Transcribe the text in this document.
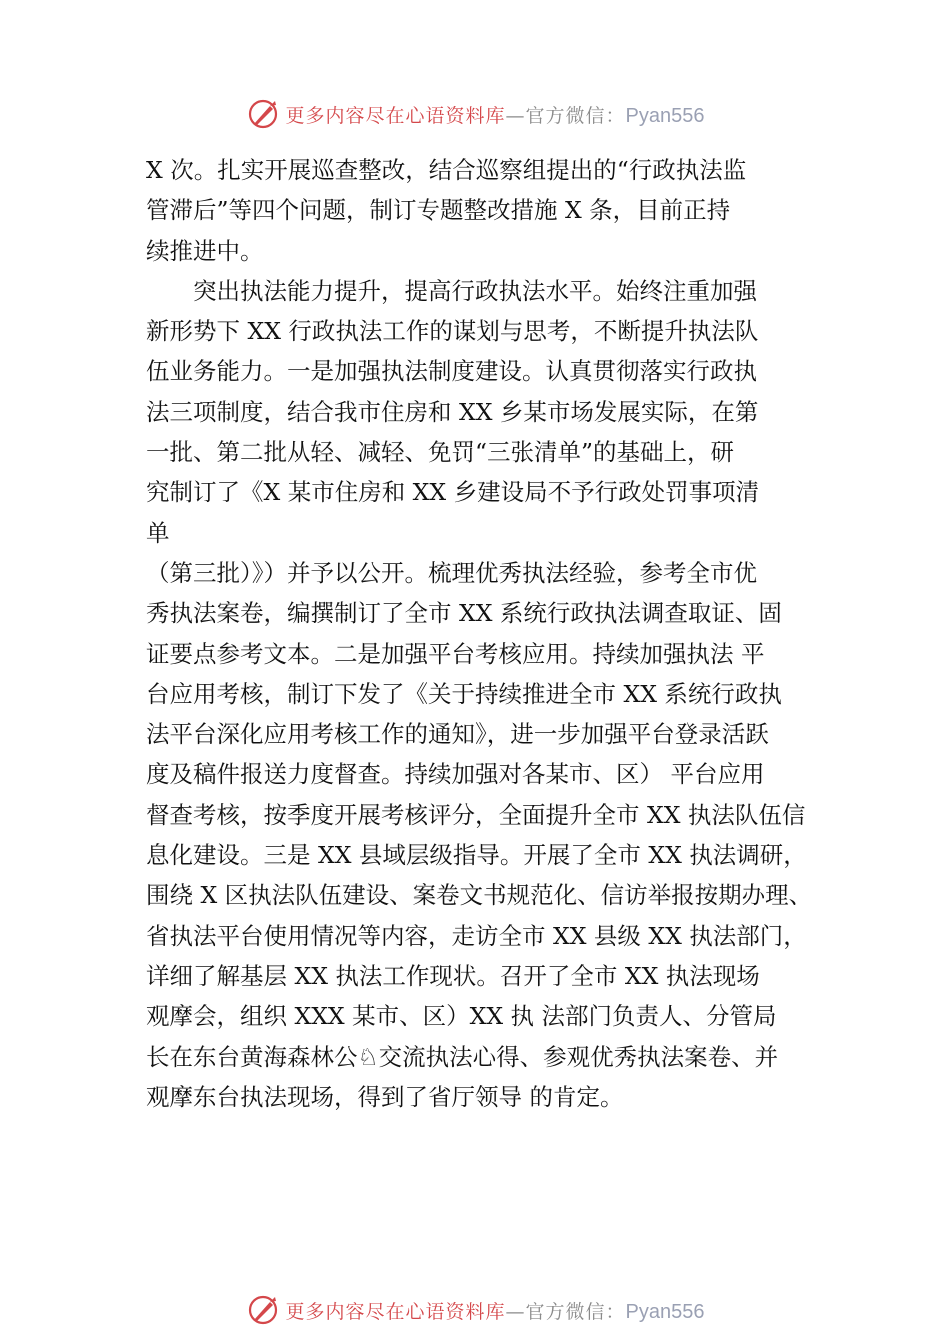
更多内容尽在心语资料库—官方微信：Pyan556
X 次。扎实开展巡查整改，结合巡察组提出的“行政执法监
管滞后”等四个问题，制订专题整改措施 X 条，目前正持
续推进中。
　　突出执法能力提升，提高行政执法水平。始终注重加强
新形势下 XX 行政执法工作的谋划与思考，不断提升执法队
伍业务能力。一是加强执法制度建设。认真贯彻落实行政执
法三项制度，结合我市住房和 XX 乡某市场发展实际，在第
一批、第二批从轻、减轻、免罚“三张清单”的基础上，研
究制订了《X 某市住房和 XX 乡建设局不予行政处罚事项清
单
（第三批）》）并予以公开。梳理优秀执法经验，参考全市优
秀执法案卷，编撰制订了全市 XX 系统行政执法调查取证、固
证要点参考文本。二是加强平台考核应用。持续加强执法 平
台应用考核，制订下发了《关于持续推进全市 XX 系统行政执
法平台深化应用考核工作的通知》，进一步加强平台登录活跃
度及稿件报送力度督查。持续加强对各某市、区） 平台应用
督查考核，按季度开展考核评分，全面提升全市 XX 执法队伍信
息化建设。三是 XX 县域层级指导。开展了全市 XX 执法调研，
围绕 X 区执法队伍建设、案卷文书规范化、信访举报按期办理、
省执法平台使用情况等内容，走访全市 XX 县级 XX 执法部门，
详细了解基层 XX 执法工作现状。召开了全市 XX 执法现场
观摩会，组织 XXX 某市、区）XX 执 法部门负责人、分管局
长在东台黄海森林公♘交流执法心得、参观优秀执法案卷、并
观摩东台执法现场，得到了省厅领导 的肯定。
更多内容尽在心语资料库—官方微信：Pyan556
